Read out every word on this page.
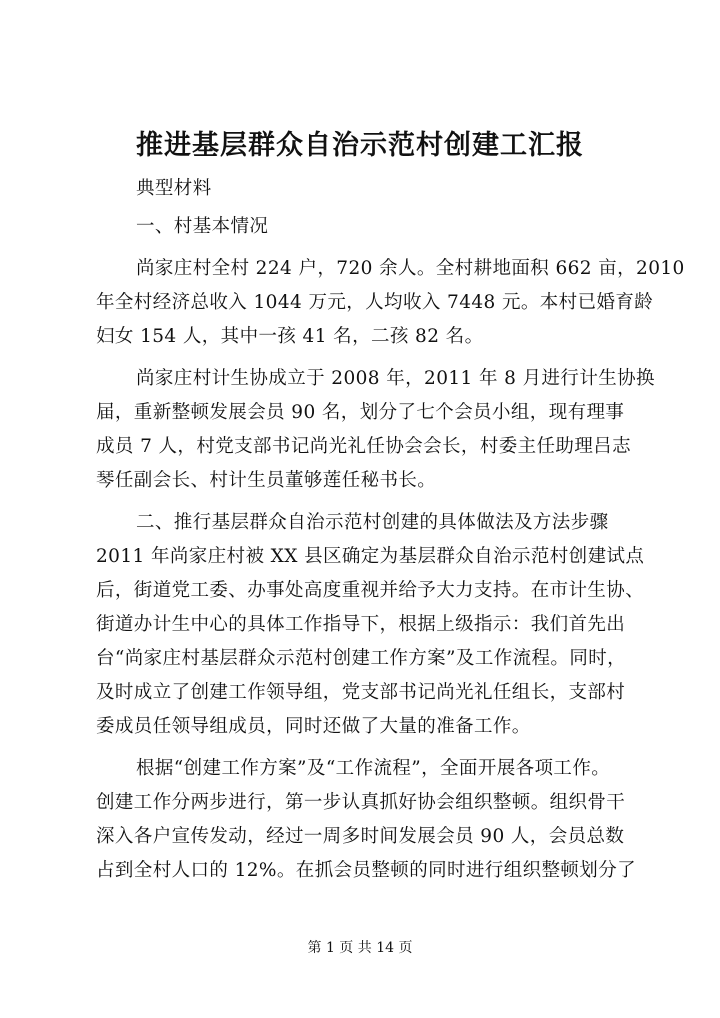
推进基层群众自治示范村创建工汇报
典型材料
一、村基本情况
尚家庄村全村 224 户，720 余人。全村耕地面积 662 亩，2010
年全村经济总收入 1044 万元，人均收入 7448 元。本村已婚育龄
妇女 154 人，其中一孩 41 名，二孩 82 名。
尚家庄村计生协成立于 2008 年，2011 年 8 月进行计生协换
届，重新整顿发展会员 90 名，划分了七个会员小组，现有理事
成员 7 人，村党支部书记尚光礼任协会会长，村委主任助理吕志
琴任副会长、村计生员董够莲任秘书长。
二、推行基层群众自治示范村创建的具体做法及方法步骤
2011 年尚家庄村被 XX 县区确定为基层群众自治示范村创建试点
后，街道党工委、办事处高度重视并给予大力支持。在市计生协、
街道办计生中心的具体工作指导下，根据上级指示：我们首先出
台“尚家庄村基层群众示范村创建工作方案”及工作流程。同时，
及时成立了创建工作领导组，党支部书记尚光礼任组长，支部村
委成员任领导组成员，同时还做了大量的准备工作。
根据“创建工作方案”及“工作流程”，全面开展各项工作。
创建工作分两步进行，第一步认真抓好协会组织整顿。组织骨干
深入各户宣传发动，经过一周多时间发展会员 90 人，会员总数
占到全村人口的 12%。在抓会员整顿的同时进行组织整顿划分了
第 1 页 共 14 页
